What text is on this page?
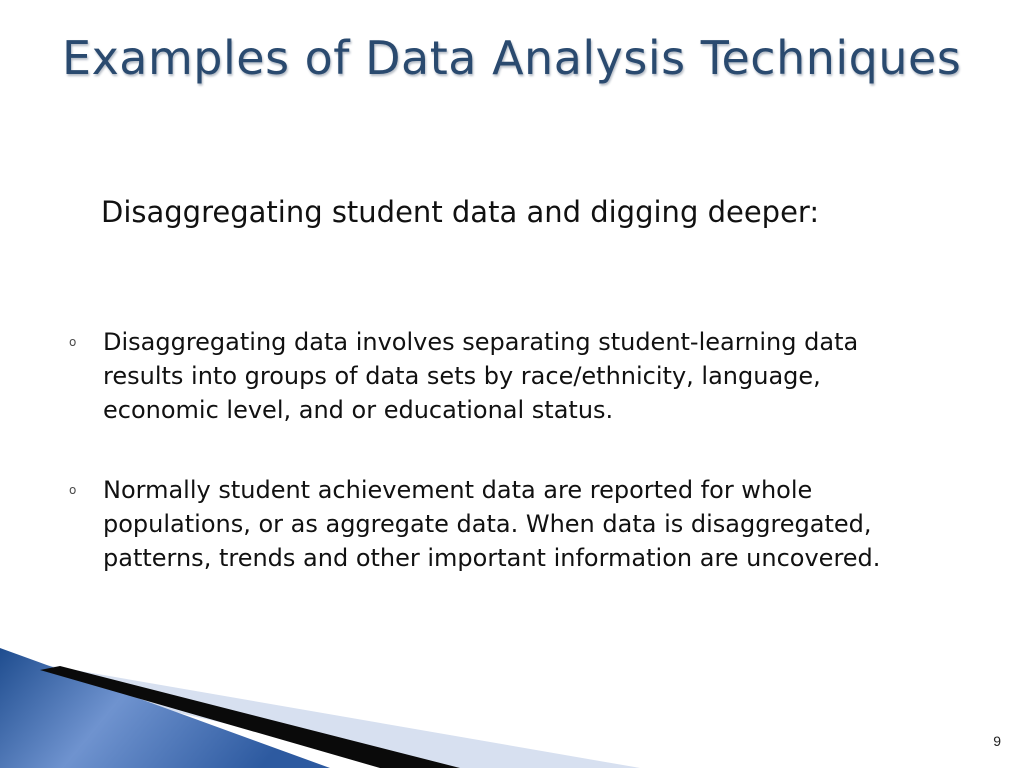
Examples of Data Analysis Techniques

Disaggregating student data and digging deeper:

o Disaggregating data involves separating student-learning data results into groups of data sets by race/ethnicity, language, economic level, and or educational status.
o Normally student achievement data are reported for whole populations, or as aggregate data. When data is disaggregated, patterns, trends and other important information are uncovered.
9
